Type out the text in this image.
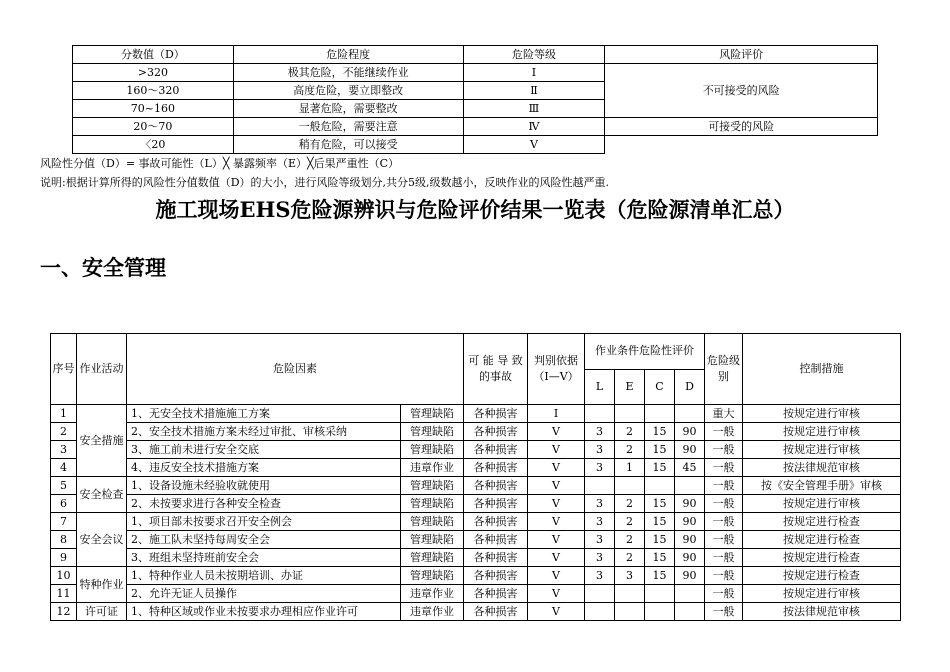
分数值（D）	危险程度	危险等级	风险评价
>320	极其危险，不能继续作业	Ⅰ	不可接受的风险
160～320	高度危险，要立即整改	Ⅱ	
70~160	显著危险，需要整改	Ⅲ	
20～70	一般危险，需要注意	Ⅳ	可接受的风险
〈20	稍有危险，可以接受	Ⅴ	
风险性分值（D）= 事故可能性（L）╳ 暴露频率（E）╳后果严重性（C）
说明:根据计算所得的风险性分值数值（D）的大小，进行风险等级划分,共分5级,级数越小，反映作业的风险性越严重.
施工现场EHS危险源辨识与危险评价结果一览表（危险源清单汇总）
一、安全管理
序号	作业活动	危险因素		可 能 导 致 的事故	判别依据（Ⅰ—Ⅴ）	作业条件危险性评价				危险级别	控制措施
						L	E	C	D		
1	安全措施	1、无安全技术措施施工方案	管理缺陷	各种损害	Ⅰ					重大	按规定进行审核
2		2、安全技术措施方案未经过审批、审核采纳	管理缺陷	各种损害	Ⅴ	3	2	15	90	一般	按规定进行审核
3		3、施工前未进行安全交底	管理缺陷	各种损害	Ⅴ	3	2	15	90	一般	按规定进行审核
4		4、违反安全技术措施方案	违章作业	各种损害	Ⅴ	3	1	15	45	一般	按法律规范审核
5	安全检查	1、设备设施未经验收就使用	管理缺陷	各种损害	Ⅴ					一般	按《安全管理手册》审核
6		2、未按要求进行各种安全检查	管理缺陷	各种损害	Ⅴ	3	2	15	90	一般	按规定进行审核
7	安全会议	1、项目部未按要求召开安全例会	管理缺陷	各种损害	Ⅴ	3	2	15	90	一般	按规定进行检查
8		2、施工队未坚持每周安全会	管理缺陷	各种损害	Ⅴ	3	2	15	90	一般	按规定进行检查
9		3、班组未坚持班前安全会	管理缺陷	各种损害	Ⅴ	3	2	15	90	一般	按规定进行检查
10	特种作业	1、特种作业人员未按期培训、办证	管理缺陷	各种损害	Ⅴ	3	3	15	90	一般	按规定进行检查
11		2、允许无证人员操作	违章作业	各种损害	Ⅴ					一般	按规定进行审核
12	许可证	1、特种区域或作业未按要求办理相应作业许可	违章作业	各种损害	Ⅴ					一般	按法律规范审核
